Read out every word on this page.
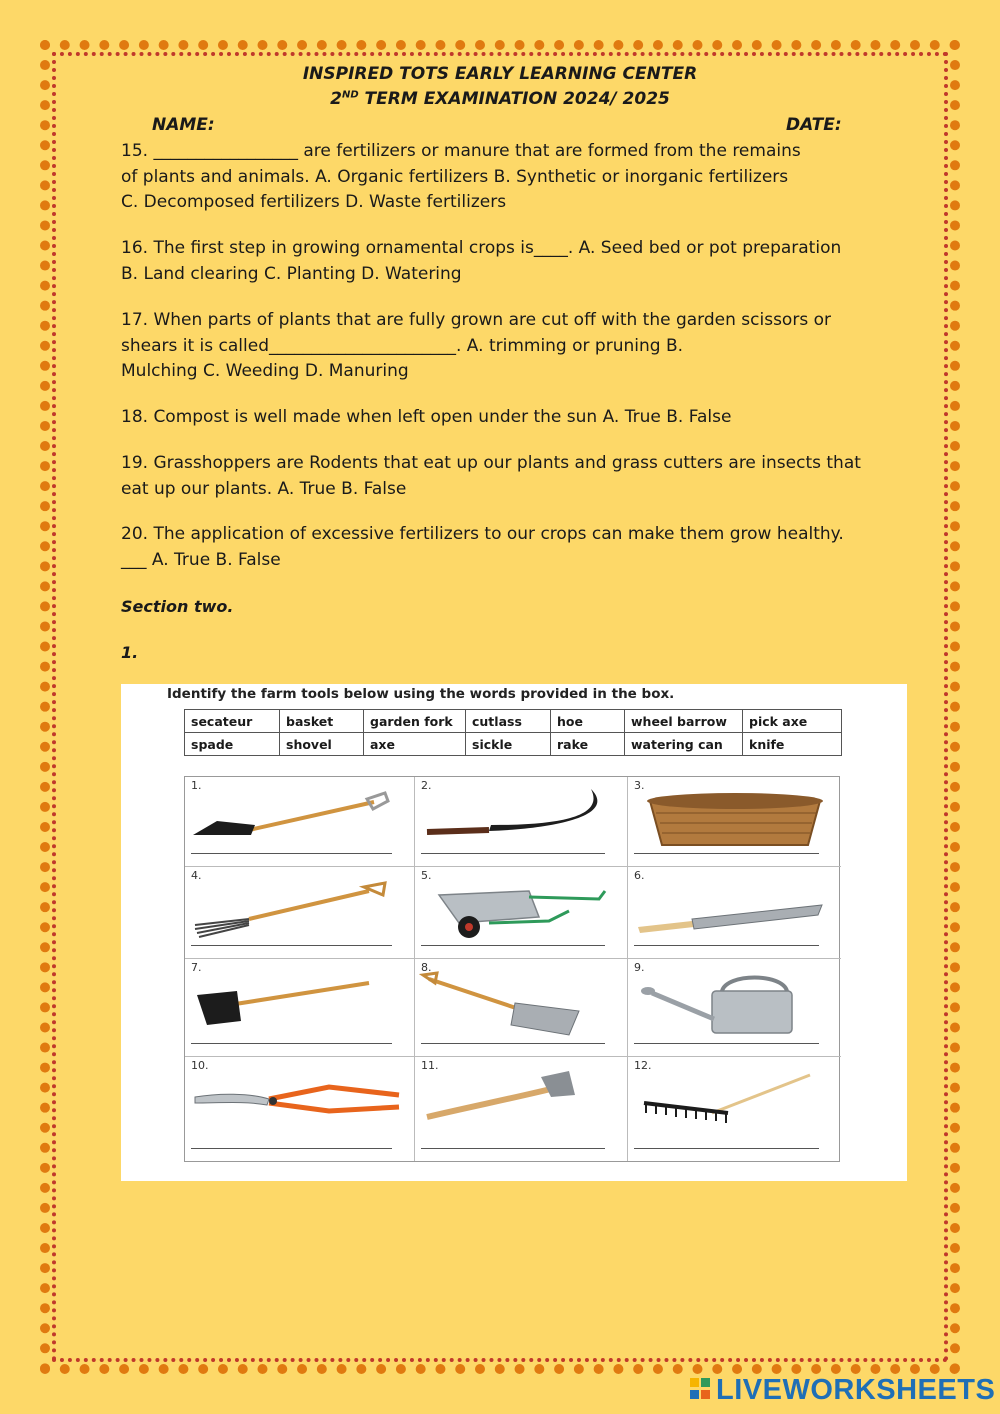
INSPIRED TOTS EARLY LEARNING CENTER
2ND TERM EXAMINATION 2024/ 2025
NAME:	DATE:
15. _________________ are fertilizers or manure that are formed from the remains
of plants and animals. A. Organic fertilizers B. Synthetic or inorganic fertilizers
C. Decomposed fertilizers D. Waste fertilizers
16. The first step in growing ornamental crops is____. A. Seed bed or pot preparation
B. Land clearing C. Planting D. Watering
17. When parts of plants that are fully grown are cut off with the garden scissors or
shears it is called______________________. A. trimming or pruning B.
Mulching C. Weeding D. Manuring
18. Compost is well made when left open under the sun A. True B. False
19. Grasshoppers are Rodents that eat up our plants and grass cutters are insects that
eat up our plants. A. True B. False
20. The application of excessive fertilizers to our crops can make them grow healthy.
___ A. True B. False
Section two.
1.
Identify the farm tools below using the words provided in the box.
secateur	basket	garden fork	cutlass	hoe	wheel barrow	pick axe
spade	shovel	axe	sickle	rake	watering can	knife
1.	2.	3.
4.	5.	6.
7.	8.	9.
10.	11.	12.
LIVEWORKSHEETS
